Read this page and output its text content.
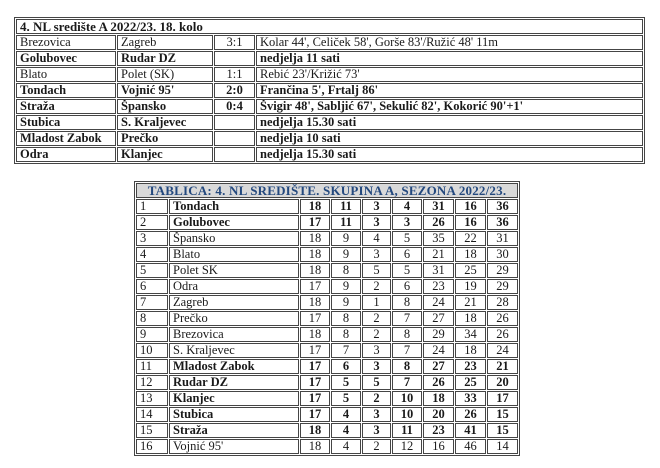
4. NL središte A 2022/23. 18. kolo			
Brezovica	Zagreb	3:1	Kolar 44', Celiček 58', Gorše 83'/Ružić 48' 11m
Golubovec	Rudar DZ		nedjelja 11 sati
Blato	Polet (SK)	1:1	Rebić 23'/Križić 73'
Tondach	Vojnić 95'	2:0	Frančina 5', Frtalj 86'
Straža	Špansko	0:4	Švigir 48', Sabljić 67', Sekulić 82', Kokorić 90'+1'
Stubica	S. Kraljevec		nedjelja 15.30 sati
Mladost Zabok	Prečko		nedjelja 10 sati
Odra	Klanjec		nedjelja 15.30 sati
TABLICA: 4. NL SREDIŠTE. SKUPINA A, SEZONA 2022/23.								
1	Tondach	18	11	3	4	31	16	36
2	Golubovec	17	11	3	3	26	16	36
3	Špansko	18	9	4	5	35	22	31
4	Blato	18	9	3	6	21	18	30
5	Polet SK	18	8	5	5	31	25	29
6	Odra	17	9	2	6	23	19	29
7	Zagreb	18	9	1	8	24	21	28
8	Prečko	17	8	2	7	27	18	26
9	Brezovica	18	8	2	8	29	34	26
10	S. Kraljevec	17	7	3	7	24	18	24
11	Mladost Zabok	17	6	3	8	27	23	21
12	Rudar DZ	17	5	5	7	26	25	20
13	Klanjec	17	5	2	10	18	33	17
14	Stubica	17	4	3	10	20	26	15
15	Straža	18	4	3	11	23	41	15
16	Vojnić 95'	18	4	2	12	16	46	14
